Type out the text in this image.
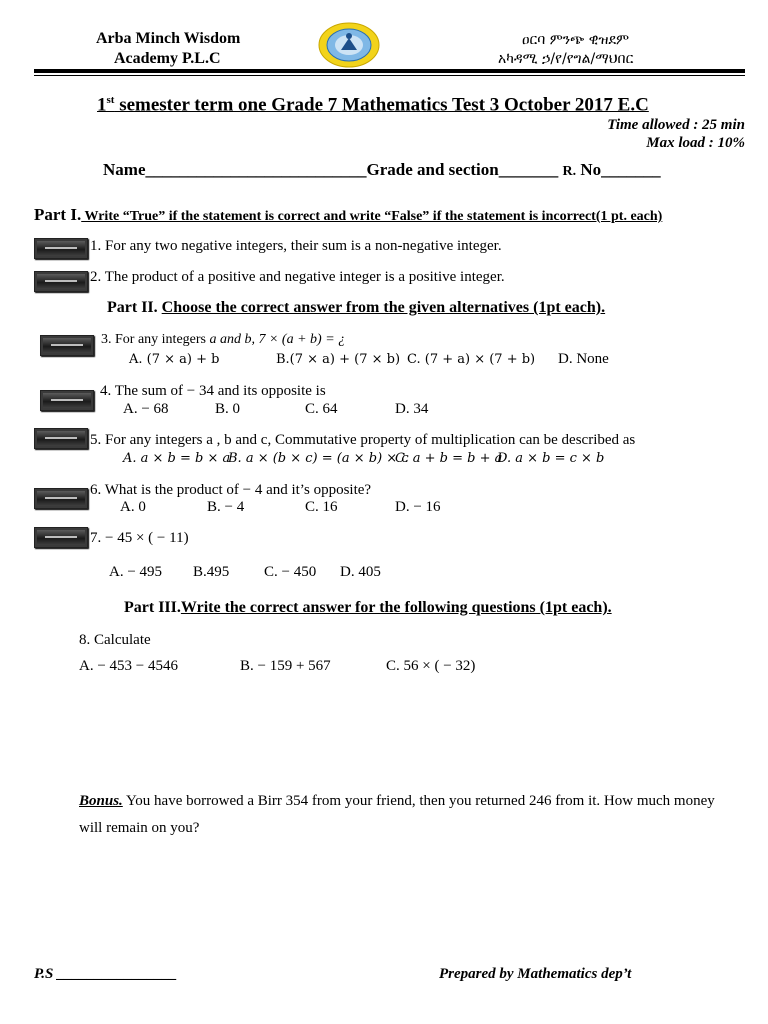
Arba Minch Wisdom
Academy P.L.C
ዐርባ ምንጭ ዊዝደም
አካዳሚ ኃ/የ/የግል/ማህበር
1st semester term one Grade 7 Mathematics Test 3 October 2017 E.C
Time allowed : 25 min
Max load : 10%
Name__________________________Grade and section_______ R. No_______
Part I. Write “True” if the statement is correct and write “False” if the statement is incorrect(1 pt. each)
1. For any two negative integers, their sum is a non-negative integer.
2. The product of a positive and negative integer is a positive integer.
Part II. Choose the correct answer from the given alternatives (1pt each).
3. For any integers a and b, 7 × (a + b) = ¿
A. (7 × a) + b	B.(7 × a) + (7 × b) C. (7 + a) × (7 + b) D. None
4. The sum of − 34 and its opposite is
A. − 68	B. 0	C. 64	D. 34
5. For any integers a , b and c, Commutative property of multiplication can be described as
A. a × b = b × a
B. a × (b × c) = (a × b) × c
C. a + b = b + a
D. a × b = c × b
6. What is the product of − 4 and it’s opposite?
A. 0	B. − 4	C. 16	D. − 16
7. − 45 × ( − 11)
A. − 495 B.495 C. − 450 D. 405
Part III.Write the correct answer for the following questions (1pt each).
8. Calculate
A. − 453 − 4546	B. − 159 + 567	C. 56 × ( − 32)
Bonus. You have borrowed a Birr 354 from your friend, then you returned 246 from it. How much money
will remain on you?
P.S ________________	Prepared by Mathematics dep’t
